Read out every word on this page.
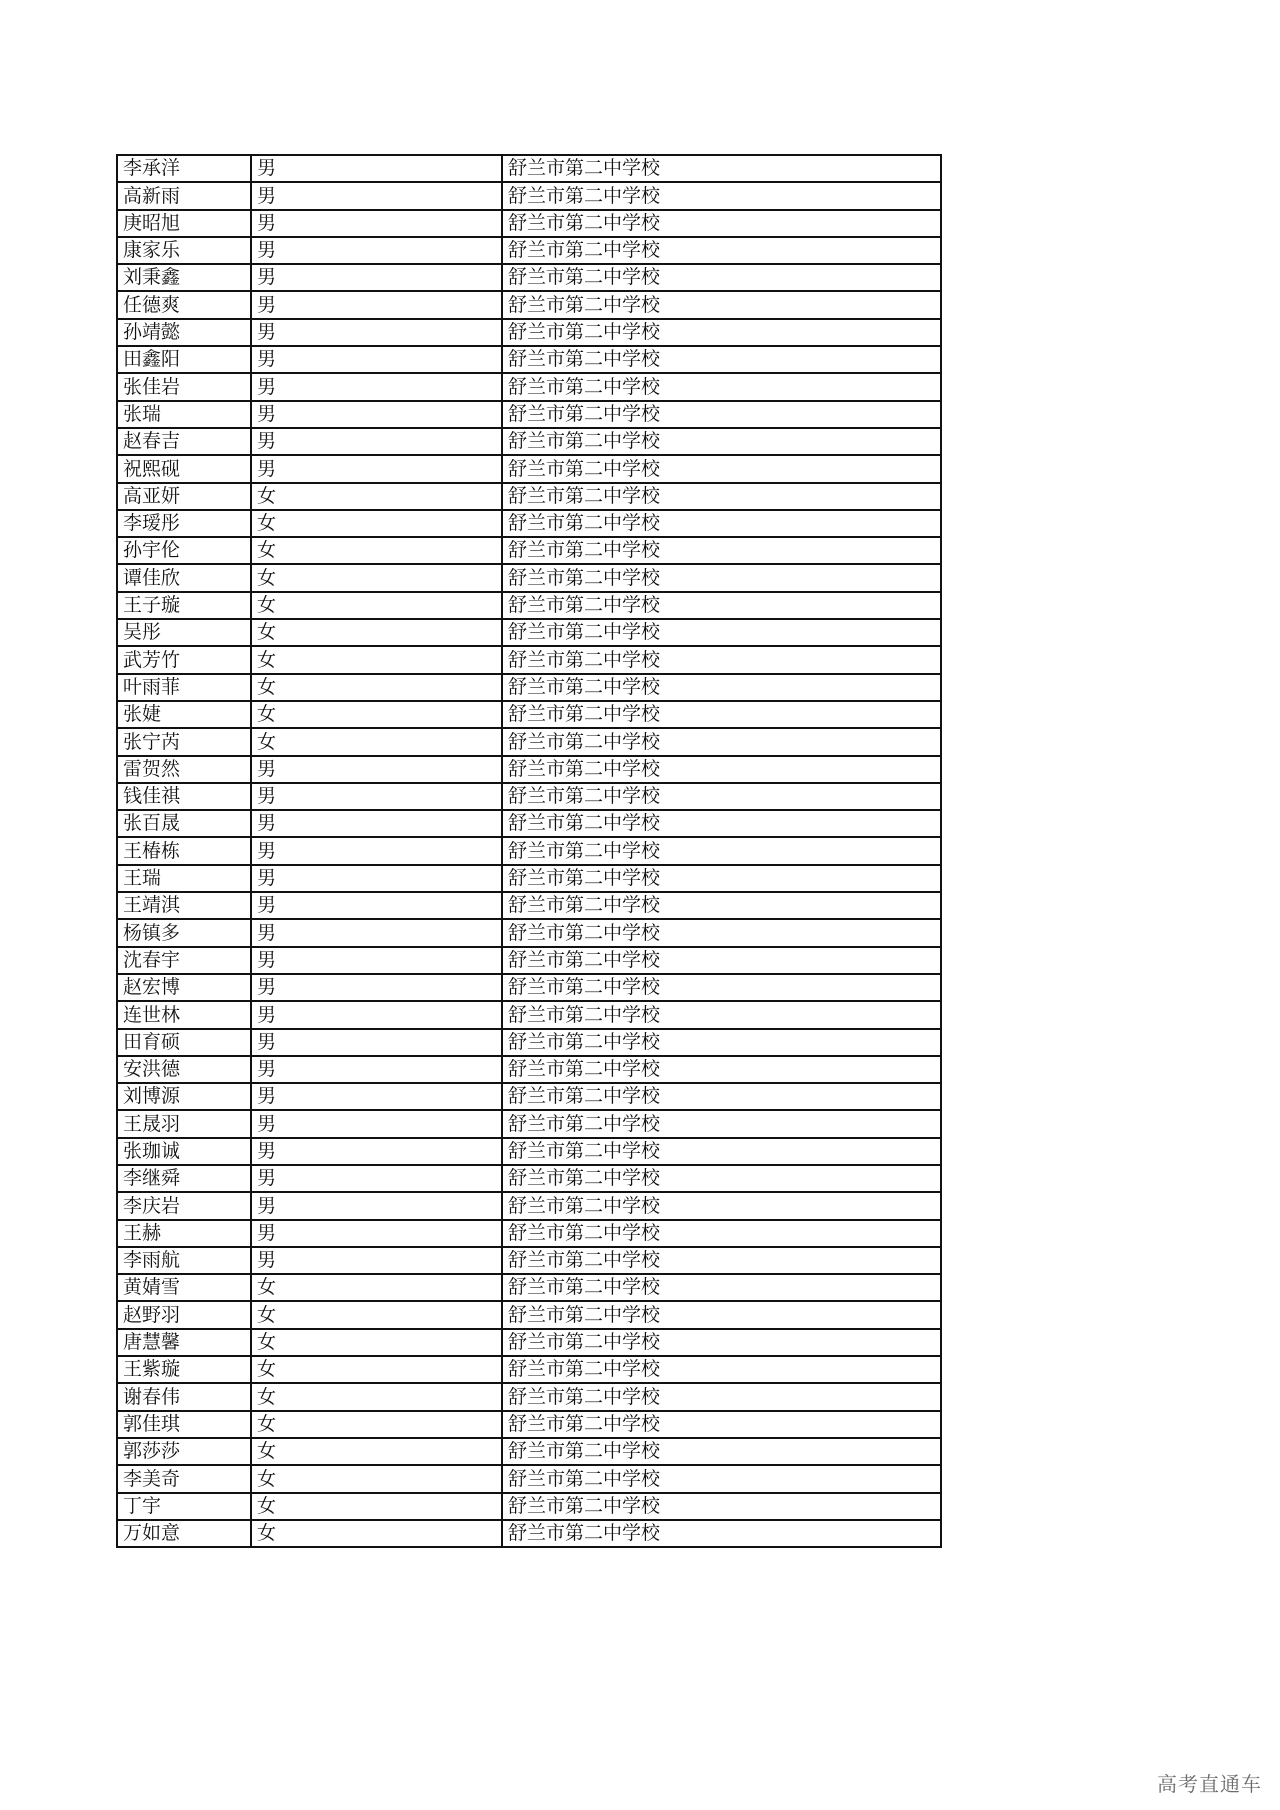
李承洋	男	舒兰市第二中学校
高新雨	男	舒兰市第二中学校
庚昭旭	男	舒兰市第二中学校
康家乐	男	舒兰市第二中学校
刘秉鑫	男	舒兰市第二中学校
任德爽	男	舒兰市第二中学校
孙靖懿	男	舒兰市第二中学校
田鑫阳	男	舒兰市第二中学校
张佳岩	男	舒兰市第二中学校
张瑞	男	舒兰市第二中学校
赵春吉	男	舒兰市第二中学校
祝熙砚	男	舒兰市第二中学校
高亚妍	女	舒兰市第二中学校
李瑷彤	女	舒兰市第二中学校
孙宇伦	女	舒兰市第二中学校
谭佳欣	女	舒兰市第二中学校
王子璇	女	舒兰市第二中学校
吴彤	女	舒兰市第二中学校
武芳竹	女	舒兰市第二中学校
叶雨菲	女	舒兰市第二中学校
张婕	女	舒兰市第二中学校
张宁芮	女	舒兰市第二中学校
雷贺然	男	舒兰市第二中学校
钱佳祺	男	舒兰市第二中学校
张百晟	男	舒兰市第二中学校
王椿栋	男	舒兰市第二中学校
王瑞	男	舒兰市第二中学校
王靖淇	男	舒兰市第二中学校
杨镇多	男	舒兰市第二中学校
沈春宇	男	舒兰市第二中学校
赵宏博	男	舒兰市第二中学校
连世林	男	舒兰市第二中学校
田育硕	男	舒兰市第二中学校
安洪德	男	舒兰市第二中学校
刘博源	男	舒兰市第二中学校
王晟羽	男	舒兰市第二中学校
张珈诚	男	舒兰市第二中学校
李继舜	男	舒兰市第二中学校
李庆岩	男	舒兰市第二中学校
王赫	男	舒兰市第二中学校
李雨航	男	舒兰市第二中学校
黄婧雪	女	舒兰市第二中学校
赵野羽	女	舒兰市第二中学校
唐慧馨	女	舒兰市第二中学校
王紫璇	女	舒兰市第二中学校
谢春伟	女	舒兰市第二中学校
郭佳琪	女	舒兰市第二中学校
郭莎莎	女	舒兰市第二中学校
李美奇	女	舒兰市第二中学校
丁宇	女	舒兰市第二中学校
万如意	女	舒兰市第二中学校
高考直通车
